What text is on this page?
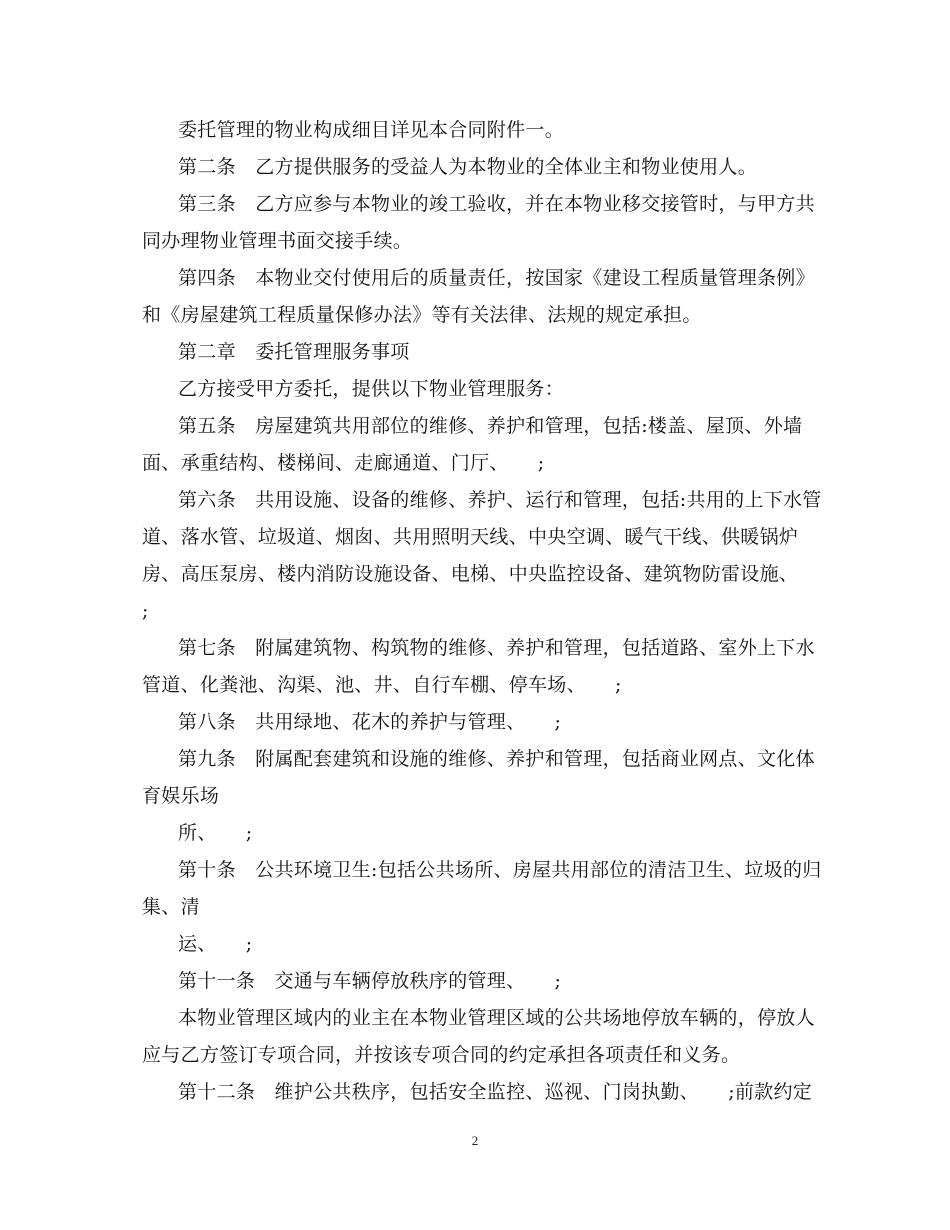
委托管理的物业构成细目详见本合同附件一。
第二条　乙方提供服务的受益人为本物业的全体业主和物业使用人。
第三条　乙方应参与本物业的竣工验收，并在本物业移交接管时，与甲方共
同办理物业管理书面交接手续。
第四条　本物业交付使用后的质量责任，按国家《建设工程质量管理条例》
和《房屋建筑工程质量保修办法》等有关法律、法规的规定承担。
第二章　委托管理服务事项
乙方接受甲方委托，提供以下物业管理服务：
第五条　房屋建筑共用部位的维修、养护和管理，包括:楼盖、屋顶、外墙
面、承重结构、楼梯间、走廊通道、门厅、　　;
第六条　共用设施、设备的维修、养护、运行和管理，包括:共用的上下水管
道、落水管、垃圾道、烟囱、共用照明天线、中央空调、暖气干线、供暖锅炉
房、高压泵房、楼内消防设施设备、电梯、中央监控设备、建筑物防雷设施、
;
第七条　附属建筑物、构筑物的维修、养护和管理，包括道路、室外上下水
管道、化粪池、沟渠、池、井、自行车棚、停车场、　　;
第八条　共用绿地、花木的养护与管理、　　;
第九条　附属配套建筑和设施的维修、养护和管理，包括商业网点、文化体
育娱乐场
所、　　;
第十条　公共环境卫生:包括公共场所、房屋共用部位的清洁卫生、垃圾的归
集、清
运、　　;
第十一条　交通与车辆停放秩序的管理、　　;
本物业管理区域内的业主在本物业管理区域的公共场地停放车辆的，停放人
应与乙方签订专项合同，并按该专项合同的约定承担各项责任和义务。
第十二条　维护公共秩序，包括安全监控、巡视、门岗执勤、　　;前款约定
2
